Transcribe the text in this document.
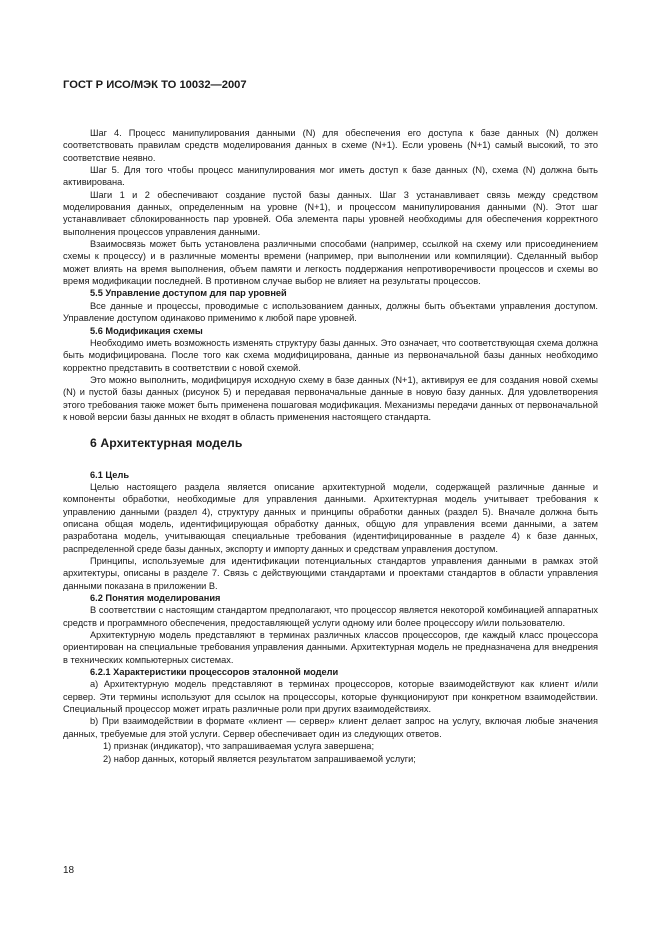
ГОСТ Р ИСО/МЭК ТО 10032—2007

Шаг 4. Процесс манипулирования данными (N) для обеспечения его доступа к базе данных (N) должен соответствовать правилам средств моделирования данных в схеме (N+1). Если уровень (N+1) самый высокий, то это соответствие неявно.

Шаг 5. Для того чтобы процесс манипулирования мог иметь доступ к базе данных (N), схема (N) должна быть активирована.

Шаги 1 и 2 обеспечивают создание пустой базы данных. Шаг 3 устанавливает связь между средством моделирования данных, определенным на уровне (N+1), и процессом манипулирования данными (N). Этот шаг устанавливает сблокированность пар уровней. Оба элемента пары уровней необходимы для обеспечения корректного выполнения процессов управления данными.

Взаимосвязь может быть установлена различными способами (например, ссылкой на схему или присоединением схемы к процессу) и в различные моменты времени (например, при выполнении или компиляции). Сделанный выбор может влиять на время выполнения, объем памяти и легкость поддержания непротиворечивости процессов и схемы во время модификации последней. В противном случае выбор не влияет на результаты процессов.

5.5 Управление доступом для пар уровней

Все данные и процессы, проводимые с использованием данных, должны быть объектами управления доступом. Управление доступом одинаково применимо к любой паре уровней.

5.6 Модификация схемы

Необходимо иметь возможность изменять структуру базы данных. Это означает, что соответствующая схема должна быть модифицирована. После того как схема модифицирована, данные из первоначальной базы данных необходимо корректно представить в соответствии с новой схемой.

Это можно выполнить, модифицируя исходную схему в базе данных (N+1), активируя ее для создания новой схемы (N) и пустой базы данных (рисунок 5) и передавая первоначальные данные в новую базу данных. Для удовлетворения этого требования также может быть применена пошаговая модификация. Механизмы передачи данных от первоначальной к новой версии базы данных не входят в область применения настоящего стандарта.

6 Архитектурная модель
6.1 Цель

Целью настоящего раздела является описание архитектурной модели, содержащей различные данные и компоненты обработки, необходимые для управления данными. Архитектурная модель учитывает требования к управлению данными (раздел 4), структуру данных и принципы обработки данных (раздел 5). Вначале должна быть описана общая модель, идентифицирующая обработку данных, общую для управления всеми данными, а затем разработана модель, учитывающая специальные требования (идентифицированные в разделе 4) к базе данных, распределенной среде базы данных, экспорту и импорту данных и средствам управления доступом.

Принципы, используемые для идентификации потенциальных стандартов управления данными в рамках этой архитектуры, описаны в разделе 7. Связь с действующими стандартами и проектами стандартов в области управления данными показана в приложении В.

6.2 Понятия моделирования

В соответствии с настоящим стандартом предполагают, что процессор является некоторой комбинацией аппаратных средств и программного обеспечения, предоставляющей услуги одному или более процессору и/или пользователю.

Архитектурную модель представляют в терминах различных классов процессоров, где каждый класс процессора ориентирован на специальные требования управления данными. Архитектурная модель не предназначена для внедрения в технических компьютерных системах.

6.2.1 Характеристики процессоров эталонной модели

a) Архитектурную модель представляют в терминах процессоров, которые взаимодействуют как клиент и/или сервер. Эти термины используют для ссылок на процессоры, которые функционируют при конкретном взаимодействии. Специальный процессор может играть различные роли при других взаимодействиях.

b) При взаимодействии в формате «клиент — сервер» клиент делает запрос на услугу, включая любые значения данных, требуемые для этой услуги. Сервер обеспечивает один из следующих ответов.

1) признак (индикатор), что запрашиваемая услуга завершена;

2) набор данных, который является результатом запрашиваемой услуги;

18
